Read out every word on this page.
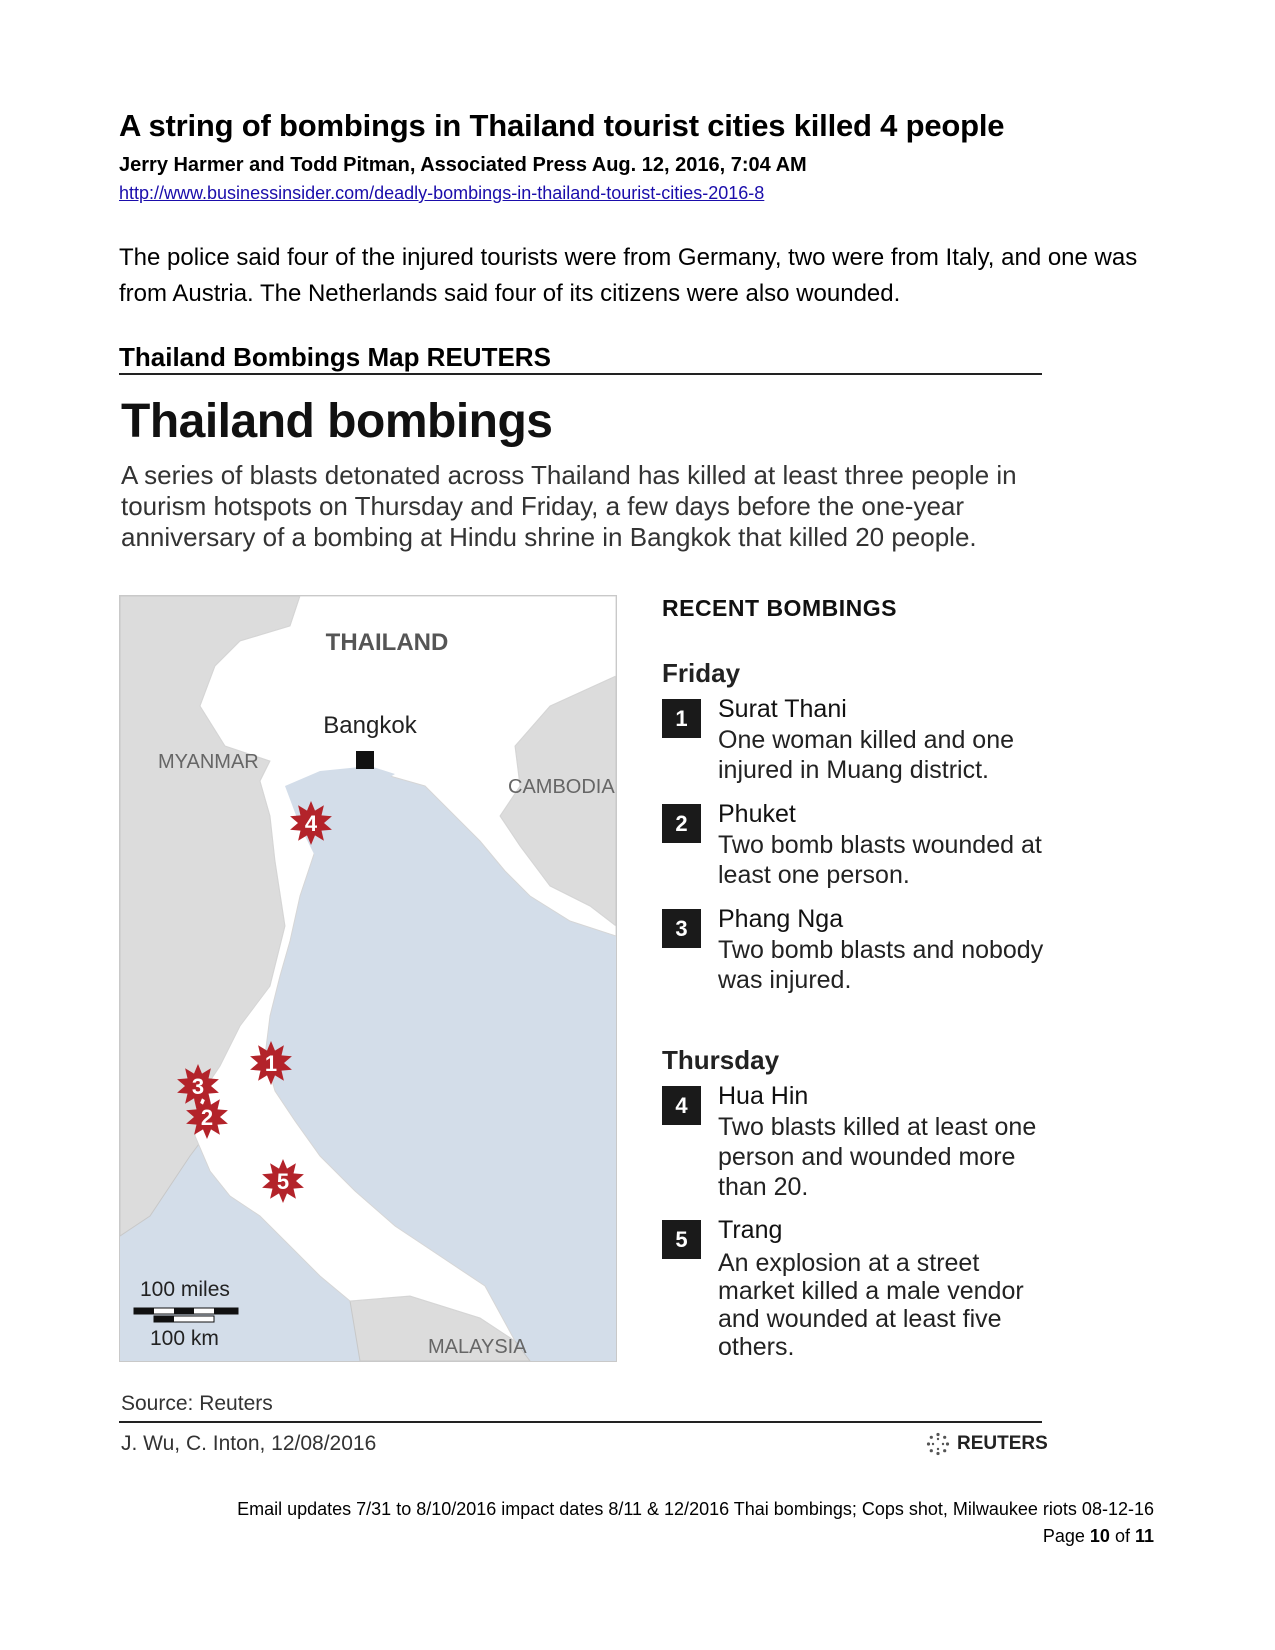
A string of bombings in Thailand tourist cities killed 4 people
Jerry Harmer and Todd Pitman, Associated Press Aug. 12, 2016, 7:04 AM
http://www.businessinsider.com/deadly-bombings-in-thailand-tourist-cities-2016-8
The police said four of the injured tourists were from Germany, two were from Italy, and one was from Austria. The Netherlands said four of its citizens were also wounded.
Thailand Bombings Map REUTERS
Thailand bombings
A series of blasts detonated across Thailand has killed at least three people in tourism hotspots on Thursday and Friday, a few days before the one-year anniversary of a bombing at Hindu shrine in Bangkok that killed 20 people.
THAILAND
Bangkok
MYANMAR
CAMBODIA
MALAYSIA
1
2
3
4
5
100 miles
100 km
RECENT BOMBINGS
Friday
Thursday
1	Surat Thani
One woman killed and one injured in Muang district.
2	Phuket
Two bomb blasts wounded at least one person.
3	Phang Nga
Two bomb blasts and nobody was injured.
4	Hua Hin
Two blasts killed at least one person and wounded more than 20.
5	Trang
An explosion at a street market killed a male vendor and wounded at least five others.
Source: Reuters
J. Wu, C. Inton, 12/08/2016	REUTERS
Email updates 7/31 to 8/10/2016 impact dates 8/11 & 12/2016 Thai bombings; Cops shot, Milwaukee riots 08-12-16
Page 10 of 11
